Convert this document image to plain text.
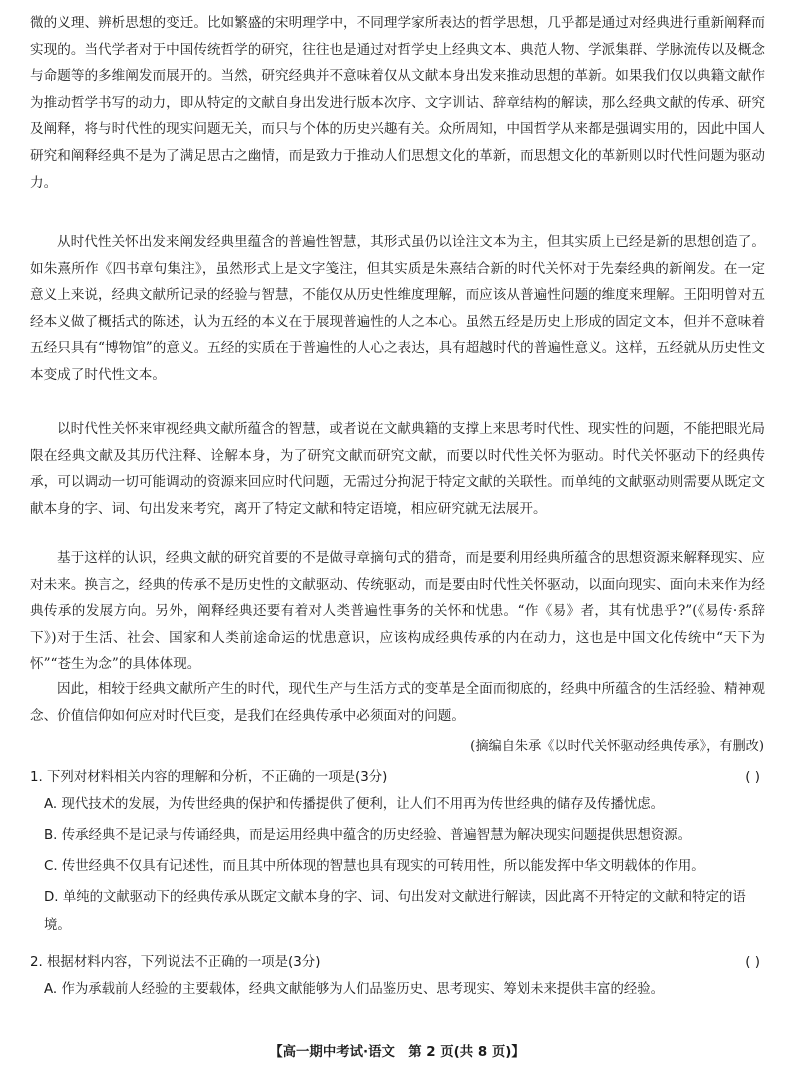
微的义理、辨析思想的变迁。比如繁盛的宋明理学中，不同理学家所表达的哲学思想，几乎都是通过对经典进行重新阐释而实现的。当代学者对于中国传统哲学的研究，往往也是通过对哲学史上经典文本、典范人物、学派集群、学脉流传以及概念与命题等的多维阐发而展开的。当然，研究经典并不意味着仅从文献本身出发来推动思想的革新。如果我们仅以典籍文献作为推动哲学书写的动力，即从特定的文献自身出发进行版本次序、文字训诂、辞章结构的解读，那么经典文献的传承、研究及阐释，将与时代性的现实问题无关，而只与个体的历史兴趣有关。众所周知，中国哲学从来都是强调实用的，因此中国人研究和阐释经典不是为了满足思古之幽情，而是致力于推动人们思想文化的革新，而思想文化的革新则以时代性问题为驱动力。

从时代性关怀出发来阐发经典里蕴含的普遍性智慧，其形式虽仍以诠注文本为主，但其实质上已经是新的思想创造了。如朱熹所作《四书章句集注》，虽然形式上是文字笺注，但其实质是朱熹结合新的时代关怀对于先秦经典的新阐发。在一定意义上来说，经典文献所记录的经验与智慧，不能仅从历史性维度理解，而应该从普遍性问题的维度来理解。王阳明曾对五经本义做了概括式的陈述，认为五经的本义在于展现普遍性的人之本心。虽然五经是历史上形成的固定文本，但并不意味着五经只具有“博物馆”的意义。五经的实质在于普遍性的人心之表达，具有超越时代的普遍性意义。这样，五经就从历史性文本变成了时代性文本。

以时代性关怀来审视经典文献所蕴含的智慧，或者说在文献典籍的支撑上来思考时代性、现实性的问题，不能把眼光局限在经典文献及其历代注释、诠解本身，为了研究文献而研究文献，而要以时代性关怀为驱动。时代关怀驱动下的经典传承，可以调动一切可能调动的资源来回应时代问题，无需过分拘泥于特定文献的关联性。而单纯的文献驱动则需要从既定文献本身的字、词、句出发来考究，离开了特定文献和特定语境，相应研究就无法展开。

基于这样的认识，经典文献的研究首要的不是做寻章摘句式的猎奇，而是要利用经典所蕴含的思想资源来解释现实、应对未来。换言之，经典的传承不是历史性的文献驱动、传统驱动，而是要由时代性关怀驱动，以面向现实、面向未来作为经典传承的发展方向。另外，阐释经典还要有着对人类普遍性事务的关怀和忧患。“作《易》者，其有忧患乎?”(《易传·系辞下》)对于生活、社会、国家和人类前途命运的忧患意识，应该构成经典传承的内在动力，这也是中国文化传统中“天下为怀”“苍生为念”的具体体现。

因此，相较于经典文献所产生的时代，现代生产与生活方式的变革是全面而彻底的，经典中所蕴含的生活经验、精神观念、价值信仰如何应对时代巨变，是我们在经典传承中必须面对的问题。

(摘编自朱承《以时代关怀驱动经典传承》，有删改)

1. 下列对材料相关内容的理解和分析，不正确的一项是(3分)	( )

A. 现代技术的发展，为传世经典的保护和传播提供了便利，让人们不用再为传世经典的储存及传播忧虑。

B. 传承经典不是记录与传诵经典，而是运用经典中蕴含的历史经验、普遍智慧为解决现实问题提供思想资源。

C. 传世经典不仅具有记述性，而且其中所体现的智慧也具有现实的可转用性，所以能发挥中华文明载体的作用。

D. 单纯的文献驱动下的经典传承从既定文献本身的字、词、句出发对文献进行解读，因此离不开特定的文献和特定的语境。

2. 根据材料内容，下列说法不正确的一项是(3分)	( )

A. 作为承载前人经验的主要载体，经典文献能够为人们品鉴历史、思考现实、筹划未来提供丰富的经验。

【高一期中考试·语文　第 2 页(共 8 页)】
